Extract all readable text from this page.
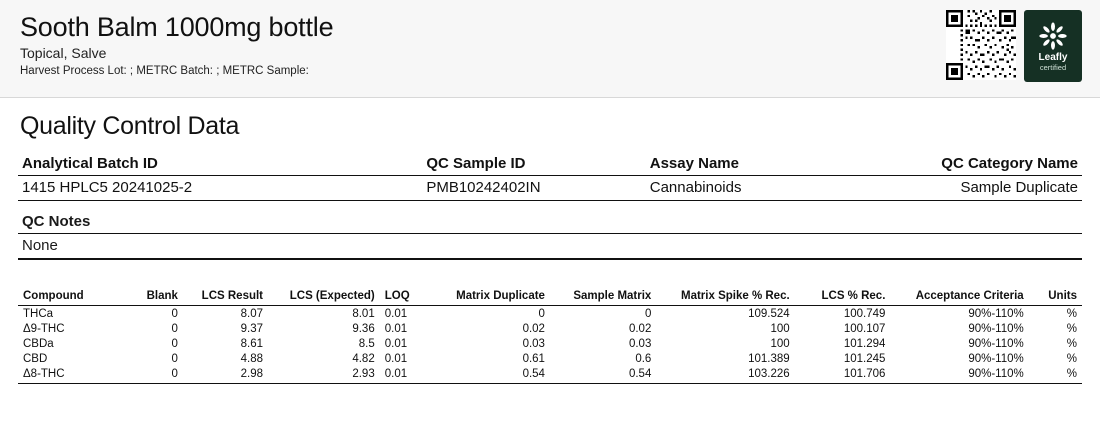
Sooth Balm 1000mg bottle
Topical, Salve
Harvest Process Lot: ; METRC Batch: ; METRC Sample:
Leafly
certified
Quality Control Data
Analytical Batch ID	QC Sample ID	Assay Name	QC Category Name
1415 HPLC5 20241025-2	PMB10242402IN	Cannabinoids	Sample Duplicate
QC Notes
None
Compound	Blank	LCS Result	LCS (Expected)	LOQ	Matrix Duplicate	Sample Matrix	Matrix Spike % Rec.	LCS % Rec.	Acceptance Criteria	Units
THCa	0	8.07	8.01	0.01	0	0	109.524	100.749	90%-110%	%
Δ9-THC	0	9.37	9.36	0.01	0.02	0.02	100	100.107	90%-110%	%
CBDa	0	8.61	8.5	0.01	0.03	0.03	100	101.294	90%-110%	%
CBD	0	4.88	4.82	0.01	0.61	0.6	101.389	101.245	90%-110%	%
Δ8-THC	0	2.98	2.93	0.01	0.54	0.54	103.226	101.706	90%-110%	%
